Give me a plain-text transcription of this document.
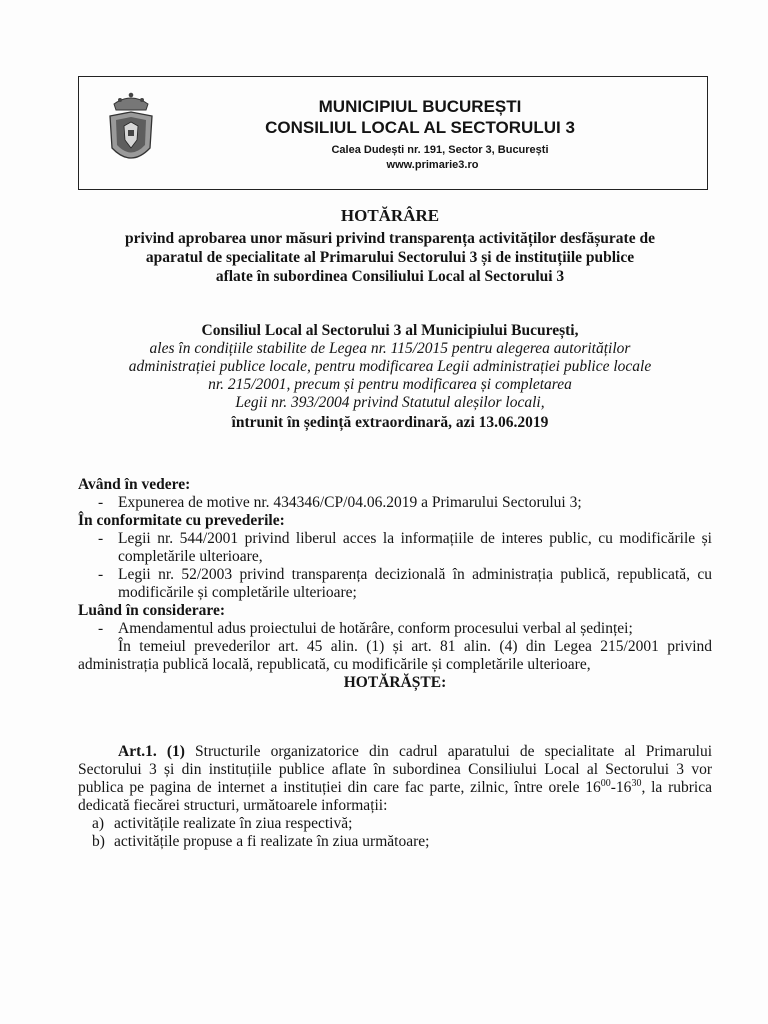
MUNICIPIUL BUCUREȘTI
CONSILIUL LOCAL AL SECTORULUI 3
Calea Dudești nr. 191, Sector 3, București
www.primarie3.ro
HOTĂRÂRE
privind aprobarea unor măsuri privind transparența activităților desfășurate de
aparatul de specialitate al Primarului Sectorului 3 și de instituțiile publice
aflate în subordinea Consiliului Local al Sectorului 3
Consiliul Local al Sectorului 3 al Municipiului București,
ales în condițiile stabilite de Legea nr. 115/2015 pentru alegerea autorităților
administrației publice locale, pentru modificarea Legii administrației publice locale
nr. 215/2001, precum și pentru modificarea și completarea
Legii nr. 393/2004 privind Statutul aleșilor locali,
întrunit în ședință extraordinară, azi 13.06.2019
Având în vedere:
- Expunerea de motive nr. 434346/CP/04.06.2019 a Primarului Sectorului 3;
În conformitate cu prevederile:
- Legii nr. 544/2001 privind liberul acces la informațiile de interes public, cu modificările și completările ulterioare,
- Legii nr. 52/2003 privind transparența decizională în administrația publică, republicată, cu modificările și completările ulterioare;
Luând în considerare:
- Amendamentul adus proiectului de hotărâre, conform procesului verbal al ședinței;
În temeiul prevederilor art. 45 alin. (1) și art. 81 alin. (4) din Legea 215/2001 privind administrația publică locală, republicată, cu modificările și completările ulterioare,
HOTĂRĂȘTE:
Art.1. (1) Structurile organizatorice din cadrul aparatului de specialitate al Primarului Sectorului 3 și din instituțiile publice aflate în subordinea Consiliului Local al Sectorului 3 vor publica pe pagina de internet a instituției din care fac parte, zilnic, între orele $16^{00}-16^{30}$, la rubrica dedicată fiecărei structuri, următoarele informații:
a) activitățile realizate în ziua respectivă;
b) activitățile propuse a fi realizate în ziua următoare;
